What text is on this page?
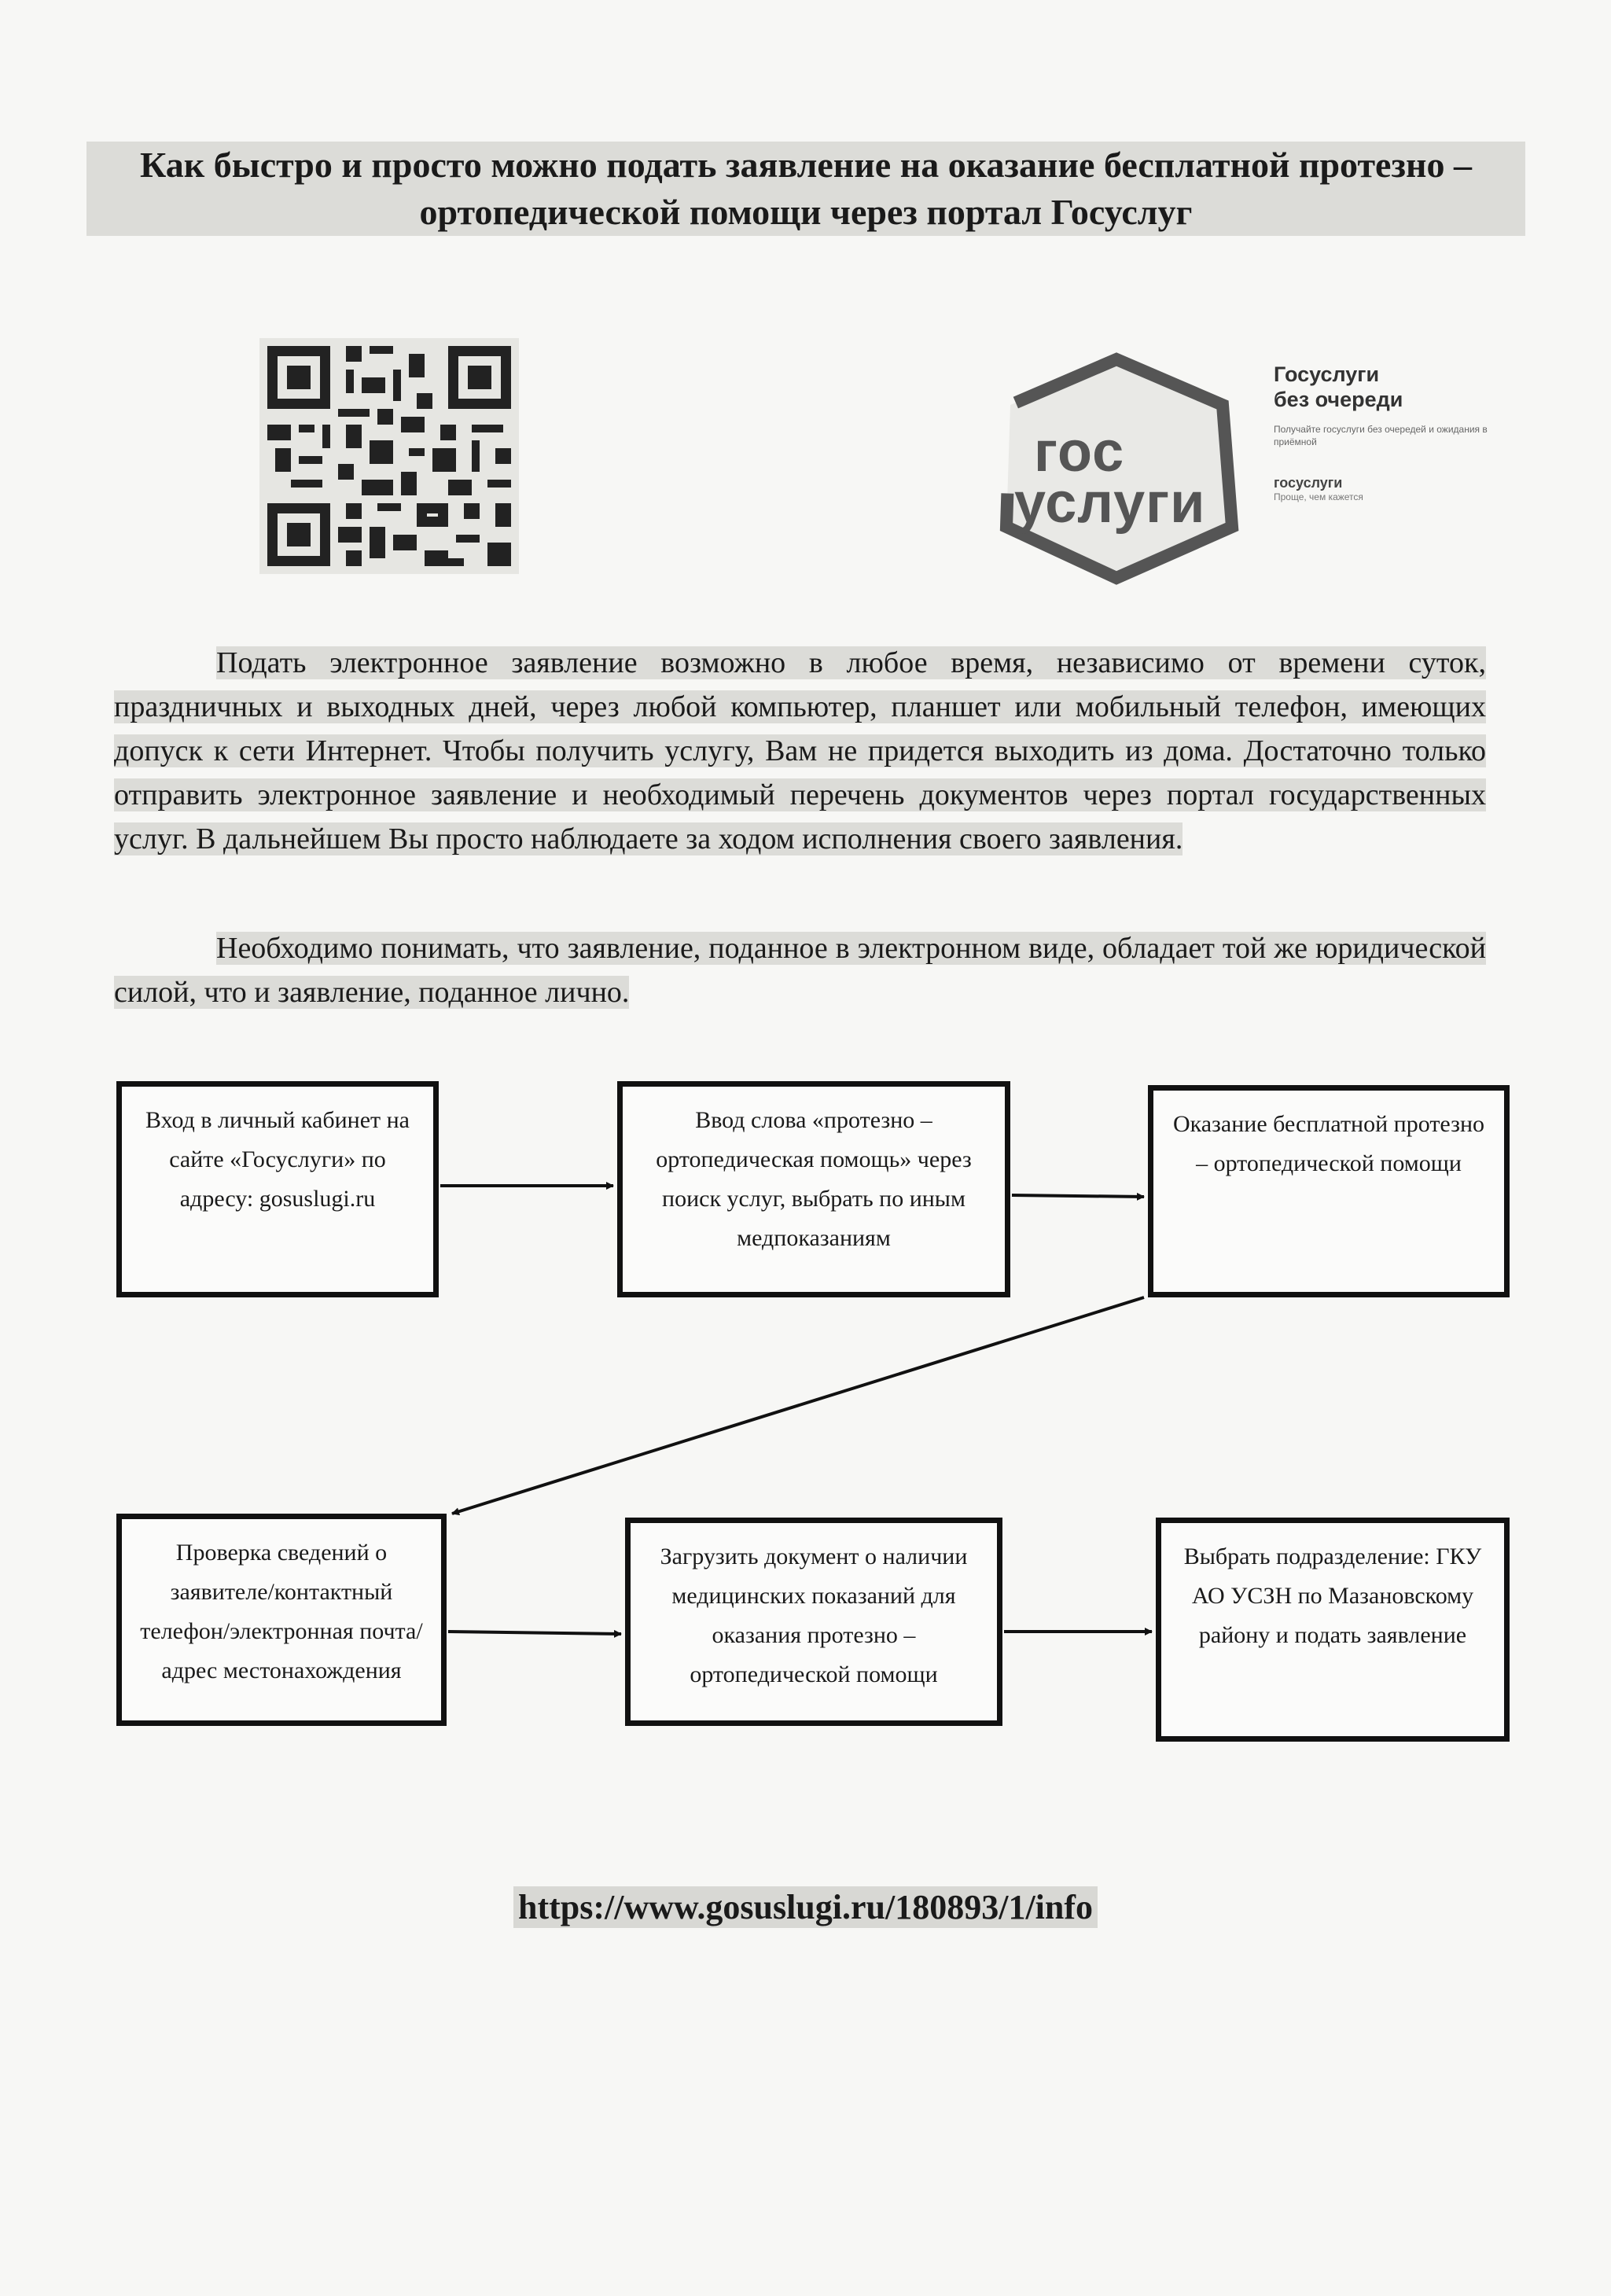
Как быстро и просто можно подать заявление на оказание бесплатной протезно –
ортопедической помощи через портал Госуслуг
гос
услуги
Госуслуги
без очереди
Получайте госуслуги без очередей и ожидания в приёмной
госуслуги
Проще, чем кажется
Подать электронное заявление возможно в любое время, независимо от времени суток, праздничных и выходных дней, через любой компьютер, планшет или мобильный телефон, имеющих допуск к сети Интернет. Чтобы получить услугу, Вам не придется выходить из дома. Достаточно только отправить электронное заявление и необходимый перечень документов через портал государственных услуг. В дальнейшем Вы просто наблюдаете за ходом исполнения своего заявления.
Необходимо понимать, что заявление, поданное в электронном виде, обладает той же юридической силой, что и заявление, поданное лично.
Вход в личный кабинет на сайте «Госуслуги» по адресу: gosuslugi.ru
Ввод слова «протезно – ортопедическая помощь» через поиск услуг, выбрать по иным медпоказаниям
Оказание бесплатной протезно – ортопедической помощи
Проверка сведений о заявителе/контактный телефон/электронная почта/адрес местонахождения
Загрузить документ о наличии медицинских показаний для оказания протезно – ортопедической помощи
Выбрать подразделение: ГКУ АО УСЗН по Мазановскому району и подать заявление
https://www.gosuslugi.ru/180893/1/info
